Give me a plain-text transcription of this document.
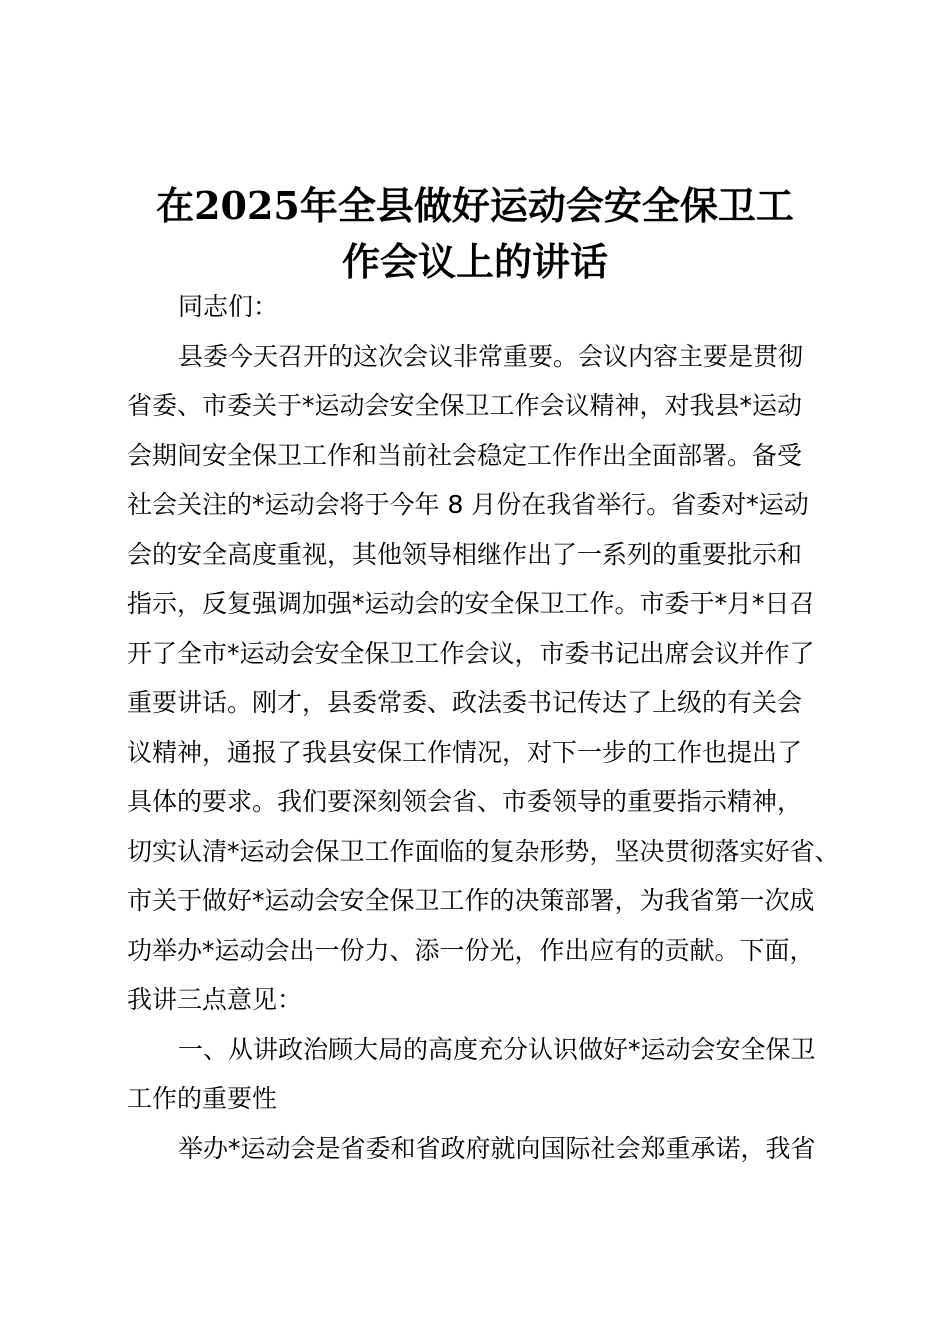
在2025年全县做好运动会安全保卫工
作会议上的讲话

同志们：

县委今天召开的这次会议非常重要。会议内容主要是贯彻
省委、市委关于*运动会安全保卫工作会议精神，对我县*运动
会期间安全保卫工作和当前社会稳定工作作出全面部署。备受
社会关注的*运动会将于今年 8 月份在我省举行。省委对*运动
会的安全高度重视，其他领导相继作出了一系列的重要批示和
指示，反复强调加强*运动会的安全保卫工作。市委于*月*日召
开了全市*运动会安全保卫工作会议，市委书记出席会议并作了
重要讲话。刚才，县委常委、政法委书记传达了上级的有关会
议精神，通报了我县安保工作情况，对下一步的工作也提出了
具体的要求。我们要深刻领会省、市委领导的重要指示精神，
切实认清*运动会保卫工作面临的复杂形势，坚决贯彻落实好省、
市关于做好*运动会安全保卫工作的决策部署，为我省第一次成
功举办*运动会出一份力、添一份光，作出应有的贡献。下面，
我讲三点意见：

一、从讲政治顾大局的高度充分认识做好*运动会安全保卫
工作的重要性

举办*运动会是省委和省政府就向国际社会郑重承诺，我省
